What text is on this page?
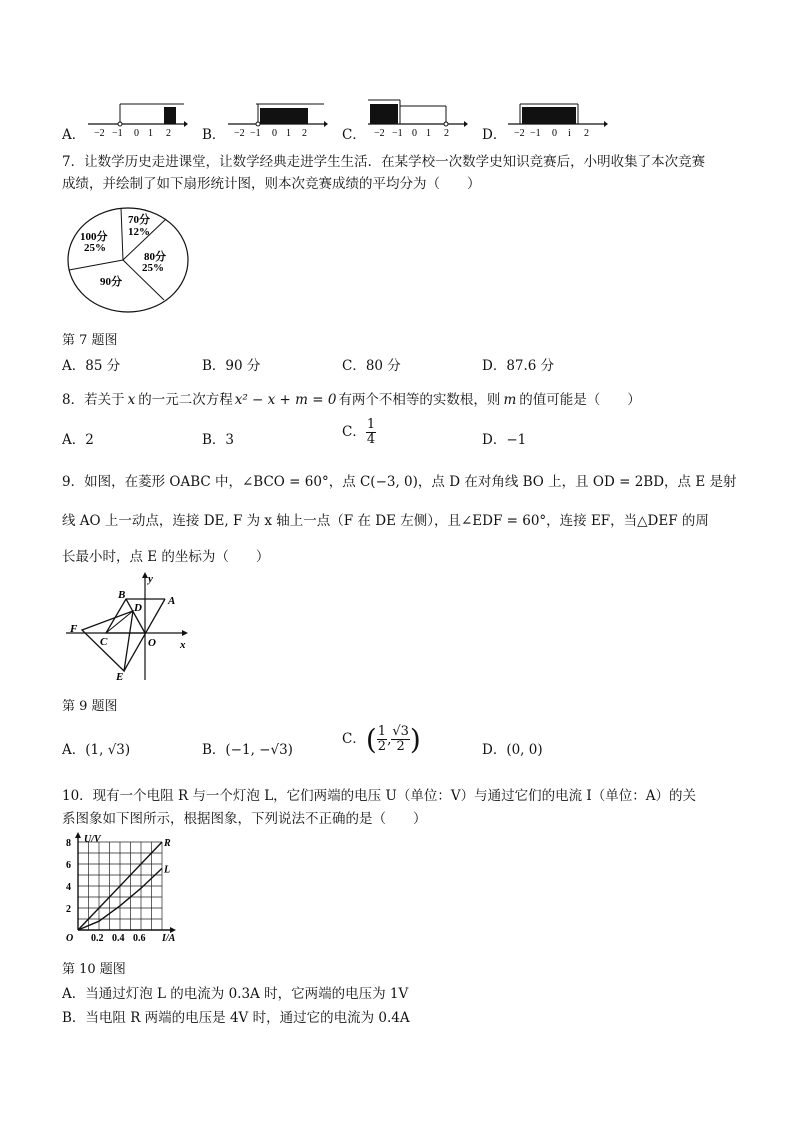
A．	B．	C．	D．
−2 −1 0 1 2	−2 −1 0 1 2	−2 −1 0 1 2	−2 −1 0 i 2
7．让数学历史走进课堂，让数学经典走进学生生活．在某学校一次数学史知识竞赛后，小明收集了本次竞赛
成绩，并绘制了如下扇形统计图，则本次竞赛成绩的平均分为（　　）
70分
12%
80分
25%
90分
100分
25%
第 7 题图
A．85 分	B．90 分	C．80 分	D．87.6 分
8．若关于 x 的一元二次方程 x² − x + m = 0 有两个不相等的实数根，则 m 的值可能是（　　）
A．2	B．3	C． $\frac{1}{4}$	D．−1
9．如图，在菱形 OABC 中，∠BCO = 60°，点 C(−3, 0)，点 D 在对角线 BO 上，且 OD = 2BD，点 E 是射
线 AO 上一动点，连接 DE, F 为 x 轴上一点（F 在 DE 左侧），且∠EDF = 60°，连接 EF，当△DEF 的周
长最小时，点 E 的坐标为（　　）
y
x
B	A
D
F
C	O
E
第 9 题图
A．(1, √3)	B．(−1, −√3)
C．( $\frac{1}{2}$ , $\frac{√3}{2}$ )	D．(0, 0)
10．现有一个电阻 R 与一个灯泡 L，它们两端的电压 U（单位：V）与通过它们的电流 I（单位：A）的关
系图象如下图所示，根据图象，下列说法不正确的是（　　）
R
L
2
4
6
8
0.2 0.4 0.6
U/V
I/A
O
第 10 题图
A．当通过灯泡 L 的电流为 0.3A 时，它两端的电压为 1V
B．当电阻 R 两端的电压是 4V 时，通过它的电流为 0.4A
